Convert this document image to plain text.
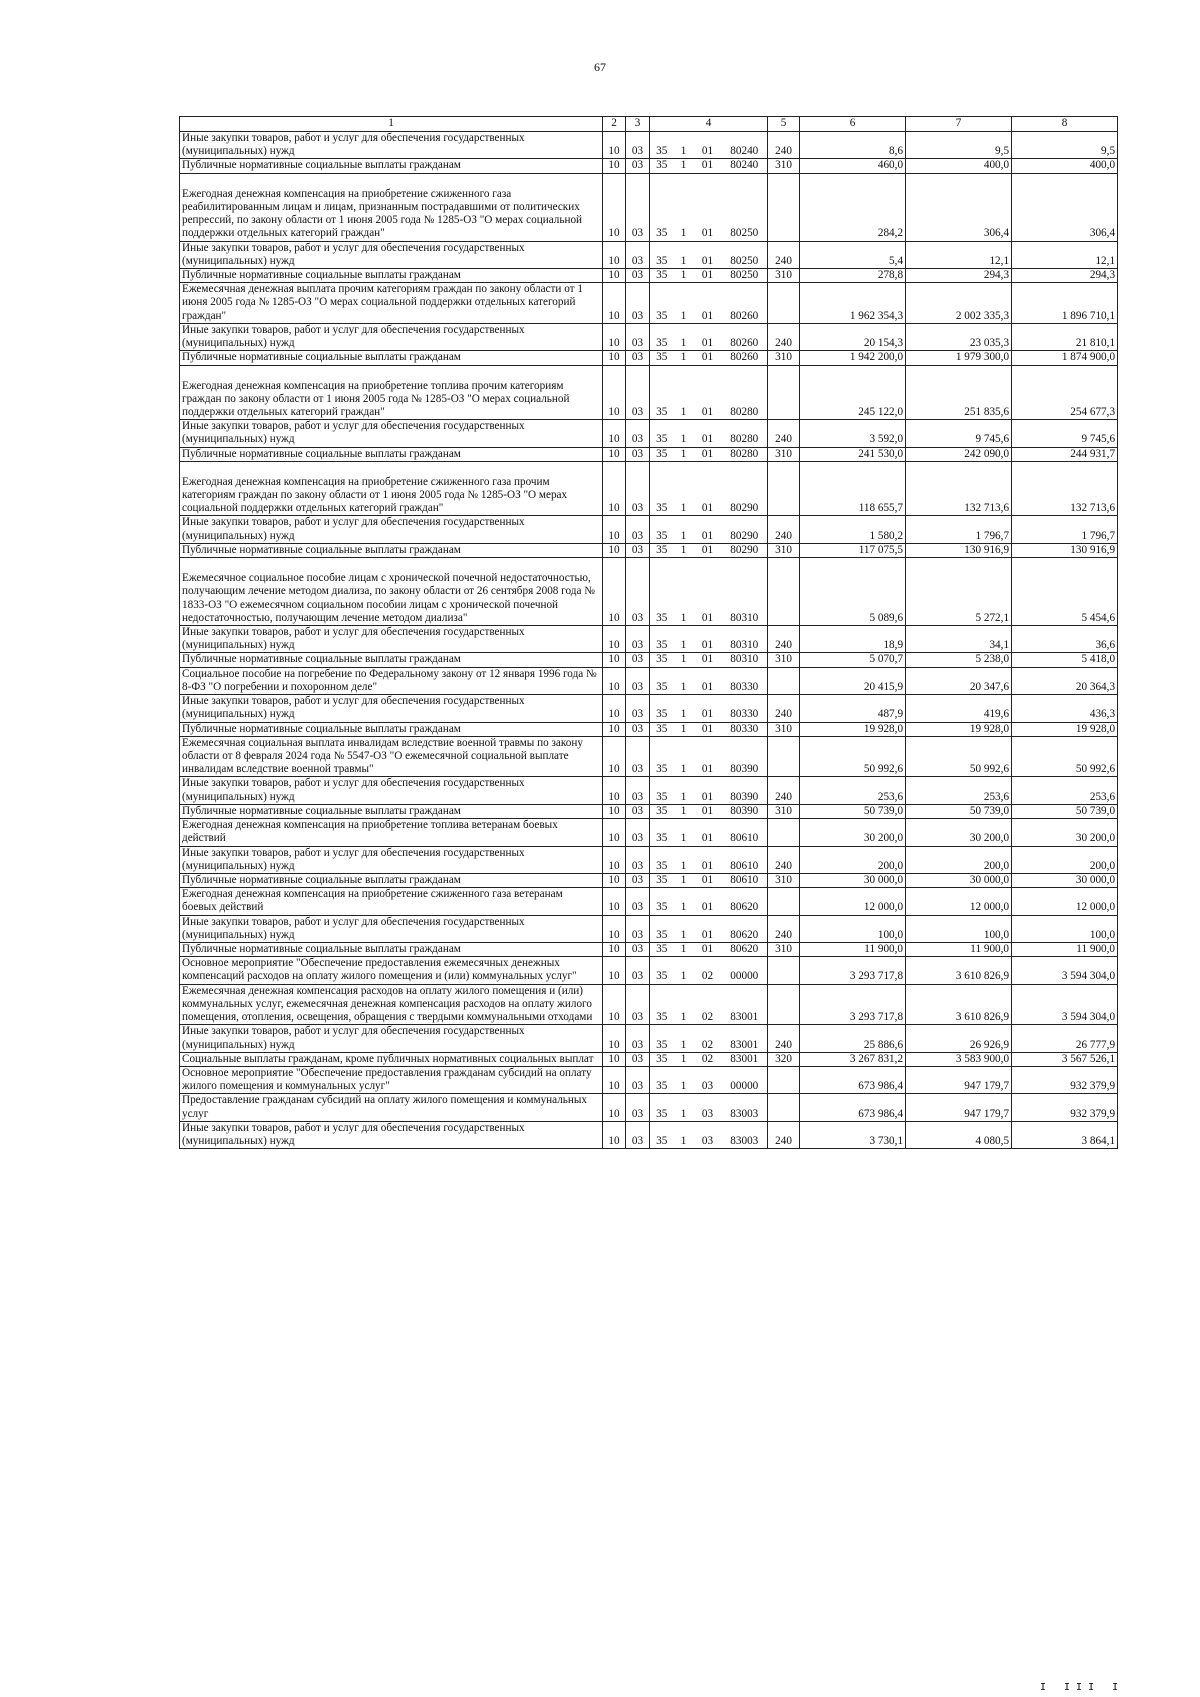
67
1	2	3	4				5	6	7	8
Иные закупки товаров, работ и услуг для обеспечения государственных (муниципальных) нужд	10	03	35	1	01	80240	240	8,6	9,5	9,5
Публичные нормативные социальные выплаты гражданам	10	03	35	1	01	80240	310	460,0	400,0	400,0
Ежегодная денежная компенсация на приобретение сжиженного газа реабилитированным лицам и лицам, признанным пострадавшими от политических репрессий, по закону области от 1 июня 2005 года № 1285-ОЗ "О мерах социальной поддержки отдельных категорий граждан"	10	03	35	1	01	80250		284,2	306,4	306,4
Иные закупки товаров, работ и услуг для обеспечения государственных (муниципальных) нужд	10	03	35	1	01	80250	240	5,4	12,1	12,1
Публичные нормативные социальные выплаты гражданам	10	03	35	1	01	80250	310	278,8	294,3	294,3
Ежемесячная денежная выплата прочим категориям граждан по закону области от 1 июня 2005 года № 1285-ОЗ "О мерах социальной поддержки отдельных категорий граждан"	10	03	35	1	01	80260		1 962 354,3	2 002 335,3	1 896 710,1
Иные закупки товаров, работ и услуг для обеспечения государственных (муниципальных) нужд	10	03	35	1	01	80260	240	20 154,3	23 035,3	21 810,1
Публичные нормативные социальные выплаты гражданам	10	03	35	1	01	80260	310	1 942 200,0	1 979 300,0	1 874 900,0
Ежегодная денежная компенсация на приобретение топлива прочим категориям граждан по закону области от 1 июня 2005 года № 1285-ОЗ "О мерах социальной поддержки отдельных категорий граждан"	10	03	35	1	01	80280		245 122,0	251 835,6	254 677,3
Иные закупки товаров, работ и услуг для обеспечения государственных (муниципальных) нужд	10	03	35	1	01	80280	240	3 592,0	9 745,6	9 745,6
Публичные нормативные социальные выплаты гражданам	10	03	35	1	01	80280	310	241 530,0	242 090,0	244 931,7
Ежегодная денежная компенсация на приобретение сжиженного газа прочим категориям граждан по закону области от 1 июня 2005 года № 1285-ОЗ "О мерах социальной поддержки отдельных категорий граждан"	10	03	35	1	01	80290		118 655,7	132 713,6	132 713,6
Иные закупки товаров, работ и услуг для обеспечения государственных (муниципальных) нужд	10	03	35	1	01	80290	240	1 580,2	1 796,7	1 796,7
Публичные нормативные социальные выплаты гражданам	10	03	35	1	01	80290	310	117 075,5	130 916,9	130 916,9
Ежемесячное социальное пособие лицам с хронической почечной недостаточностью, получающим лечение методом диализа, по закону области от 26 сентября 2008 года № 1833-ОЗ "О ежемесячном социальном пособии лицам с хронической почечной недостаточностью, получающим лечение методом диализа"	10	03	35	1	01	80310		5 089,6	5 272,1	5 454,6
Иные закупки товаров, работ и услуг для обеспечения государственных (муниципальных) нужд	10	03	35	1	01	80310	240	18,9	34,1	36,6
Публичные нормативные социальные выплаты гражданам	10	03	35	1	01	80310	310	5 070,7	5 238,0	5 418,0
Социальное пособие на погребение по Федеральному закону от 12 января 1996 года № 8-ФЗ "О погребении и похоронном деле"	10	03	35	1	01	80330		20 415,9	20 347,6	20 364,3
Иные закупки товаров, работ и услуг для обеспечения государственных (муниципальных) нужд	10	03	35	1	01	80330	240	487,9	419,6	436,3
Публичные нормативные социальные выплаты гражданам	10	03	35	1	01	80330	310	19 928,0	19 928,0	19 928,0
Ежемесячная социальная выплата инвалидам вследствие военной травмы по закону области от 8 февраля 2024 года № 5547-ОЗ "О ежемесячной социальной выплате инвалидам вследствие военной травмы"	10	03	35	1	01	80390		50 992,6	50 992,6	50 992,6
Иные закупки товаров, работ и услуг для обеспечения государственных (муниципальных) нужд	10	03	35	1	01	80390	240	253,6	253,6	253,6
Публичные нормативные социальные выплаты гражданам	10	03	35	1	01	80390	310	50 739,0	50 739,0	50 739,0
Ежегодная денежная компенсация на приобретение топлива ветеранам боевых действий	10	03	35	1	01	80610		30 200,0	30 200,0	30 200,0
Иные закупки товаров, работ и услуг для обеспечения государственных (муниципальных) нужд	10	03	35	1	01	80610	240	200,0	200,0	200,0
Публичные нормативные социальные выплаты гражданам	10	03	35	1	01	80610	310	30 000,0	30 000,0	30 000,0
Ежегодная денежная компенсация на приобретение сжиженного газа ветеранам боевых действий	10	03	35	1	01	80620		12 000,0	12 000,0	12 000,0
Иные закупки товаров, работ и услуг для обеспечения государственных (муниципальных) нужд	10	03	35	1	01	80620	240	100,0	100,0	100,0
Публичные нормативные социальные выплаты гражданам	10	03	35	1	01	80620	310	11 900,0	11 900,0	11 900,0
Основное мероприятие "Обеспечение предоставления ежемесячных денежных компенсаций расходов на оплату жилого помещения и (или) коммунальных услуг"	10	03	35	1	02	00000		3 293 717,8	3 610 826,9	3 594 304,0
Ежемесячная денежная компенсация расходов на оплату жилого помещения и (или) коммунальных услуг, ежемесячная денежная компенсация расходов на оплату жилого помещения, отопления, освещения, обращения с твердыми коммунальными отходами	10	03	35	1	02	83001		3 293 717,8	3 610 826,9	3 594 304,0
Иные закупки товаров, работ и услуг для обеспечения государственных (муниципальных) нужд	10	03	35	1	02	83001	240	25 886,6	26 926,9	26 777,9
Социальные выплаты гражданам, кроме публичных нормативных социальных выплат	10	03	35	1	02	83001	320	3 267 831,2	3 583 900,0	3 567 526,1
Основное мероприятие "Обеспечение предоставления гражданам субсидий на оплату жилого помещения и коммунальных услуг"	10	03	35	1	03	00000		673 986,4	947 179,7	932 379,9
Предоставление гражданам субсидий на оплату жилого помещения и коммунальных услуг	10	03	35	1	03	83003		673 986,4	947 179,7	932 379,9
Иные закупки товаров, работ и услуг для обеспечения государственных (муниципальных) нужд	10	03	35	1	03	83003	240	3 730,1	4 080,5	3 864,1
I III I
